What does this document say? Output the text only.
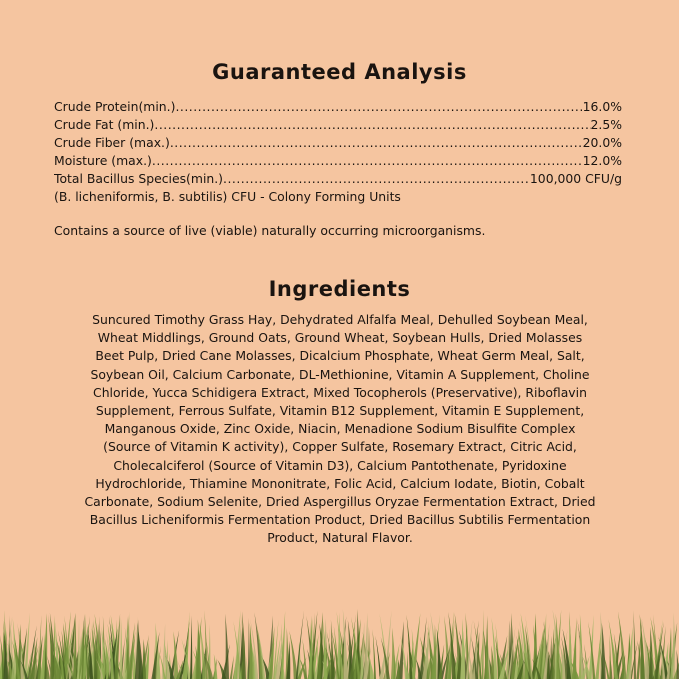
Guaranteed Analysis
Crude Protein(min.) .....	16.0%
Crude Fat (min.) .....	2.5%
Crude Fiber (max.) .....	20.0%
Moisture (max.) .....	12.0%
Total Bacillus Species(min.) .....	100,000 CFU/g
(B. licheniformis, B. subtilis) CFU - Colony Forming Units
Contains a source of live (viable) naturally occurring microorganisms.
Ingredients
Suncured Timothy Grass Hay, Dehydrated Alfalfa Meal, Dehulled Soybean Meal,
Wheat Middlings, Ground Oats, Ground Wheat, Soybean Hulls, Dried Molasses
Beet Pulp, Dried Cane Molasses, Dicalcium Phosphate, Wheat Germ Meal, Salt,
Soybean Oil, Calcium Carbonate, DL-Methionine, Vitamin A Supplement, Choline
Chloride, Yucca Schidigera Extract, Mixed Tocopherols (Preservative), Riboflavin
Supplement, Ferrous Sulfate, Vitamin B12 Supplement, Vitamin E Supplement,
Manganous Oxide, Zinc Oxide, Niacin, Menadione Sodium Bisulfite Complex
(Source of Vitamin K activity), Copper Sulfate, Rosemary Extract, Citric Acid,
Cholecalciferol (Source of Vitamin D3), Calcium Pantothenate, Pyridoxine
Hydrochloride, Thiamine Mononitrate, Folic Acid, Calcium Iodate, Biotin, Cobalt
Carbonate, Sodium Selenite, Dried Aspergillus Oryzae Fermentation Extract, Dried
Bacillus Licheniformis Fermentation Product, Dried Bacillus Subtilis Fermentation
Product, Natural Flavor.
